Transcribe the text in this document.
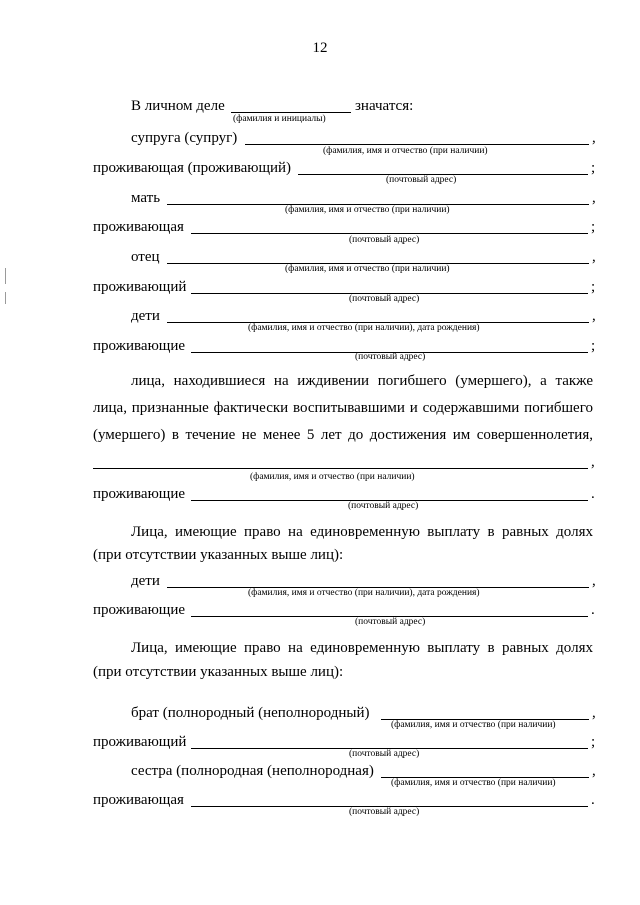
12
В личном деле	значатся:
(фамилия и инициалы)
супруга (супруг)	,
(фамилия, имя и отчество (при наличии)
проживающая (проживающий)	;
(почтовый адрес)
мать	,
(фамилия, имя и отчество (при наличии)
проживающая	;
(почтовый адрес)
отец	,
(фамилия, имя и отчество (при наличии)
проживающий	;
(почтовый адрес)
дети	,
(фамилия, имя и отчество (при наличии), дата рождения)
проживающие	;
(почтовый адрес)
лица, находившиеся на иждивении погибшего (умершего), а также
лица, признанные фактически воспитывавшими и содержавшими погибшего
(умершего) в течение не менее 5 лет до достижения им совершеннолетия,
,
(фамилия, имя и отчество (при наличии)
проживающие	.
(почтовый адрес)
Лица, имеющие право на единовременную выплату в равных долях
(при отсутствии указанных выше лиц):
дети	,
(фамилия, имя и отчество (при наличии), дата рождения)
проживающие	.
(почтовый адрес)
Лица, имеющие право на единовременную выплату в равных долях
(при отсутствии указанных выше лиц):
брат (полнородный (неполнородный)	,
(фамилия, имя и отчество (при наличии)
проживающий	;
(почтовый адрес)
сестра (полнородная (неполнородная)	,
(фамилия, имя и отчество (при наличии)
проживающая	.
(почтовый адрес)
